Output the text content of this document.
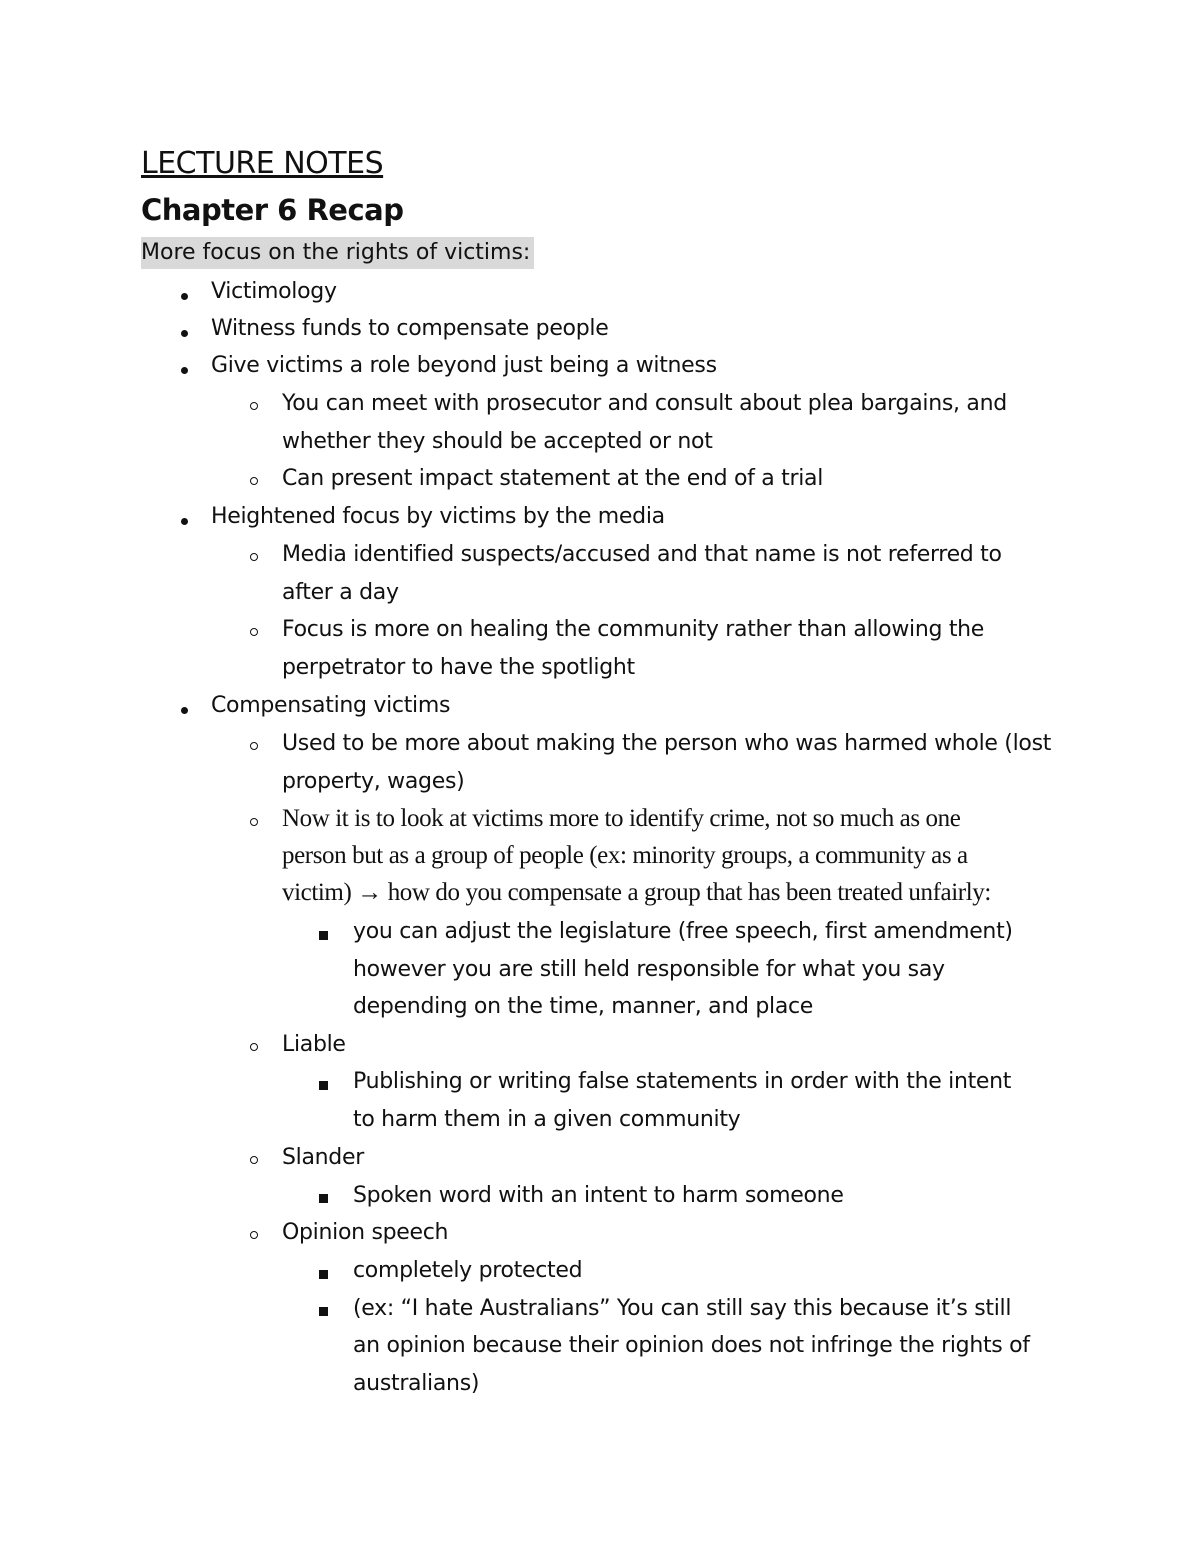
LECTURE NOTES
Chapter 6 Recap
More focus on the rights of victims:
Victimology
Witness funds to compensate people
Give victims a role beyond just being a witness
You can meet with prosecutor and consult about plea bargains, and
whether they should be accepted or not
Can present impact statement at the end of a trial
Heightened focus by victims by the media
Media identified suspects/accused and that name is not referred to
after a day
Focus is more on healing the community rather than allowing the
perpetrator to have the spotlight
Compensating victims
Used to be more about making the person who was harmed whole (lost
property, wages)
Now it is to look at victims more to identify crime, not so much as one
person but as a group of people (ex: minority groups, a community as a
victim) → how do you compensate a group that has been treated unfairly:
you can adjust the legislature (free speech, first amendment)
however you are still held responsible for what you say
depending on the time, manner, and place
Liable
Publishing or writing false statements in order with the intent
to harm them in a given community
Slander
Spoken word with an intent to harm someone
Opinion speech
completely protected
(ex: “I hate Australians” You can still say this because it’s still
an opinion because their opinion does not infringe the rights of
australians)
